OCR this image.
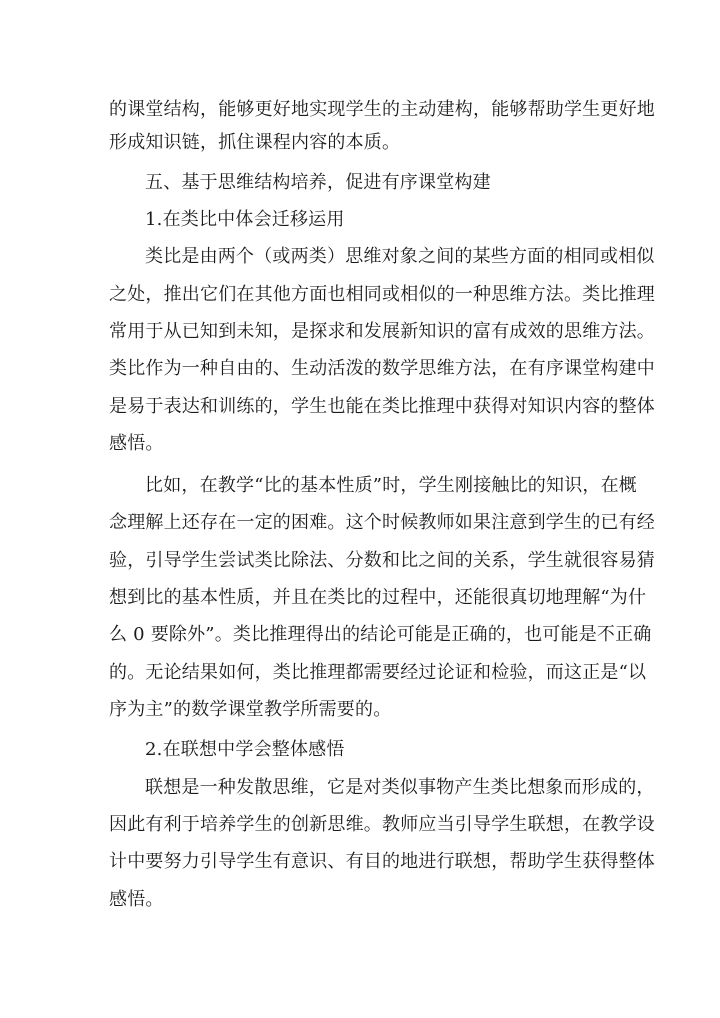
的课堂结构，能够更好地实现学生的主动建构，能够帮助学生更好地
形成知识链，抓住课程内容的本质。
五、基于思维结构培养，促进有序课堂构建
1.在类比中体会迁移运用
类比是由两个（或两类）思维对象之间的某些方面的相同或相似
之处，推出它们在其他方面也相同或相似的一种思维方法。类比推理
常用于从已知到未知，是探求和发展新知识的富有成效的思维方法。
类比作为一种自由的、生动活泼的数学思维方法，在有序课堂构建中
是易于表达和训练的，学生也能在类比推理中获得对知识内容的整体
感悟。
比如，在教学“比的基本性质”时，学生刚接触比的知识，在概
念理解上还存在一定的困难。这个时候教师如果注意到学生的已有经
验，引导学生尝试类比除法、分数和比之间的关系，学生就很容易猜
想到比的基本性质，并且在类比的过程中，还能很真切地理解“为什
么 0 要除外”。类比推理得出的结论可能是正确的，也可能是不正确
的。无论结果如何，类比推理都需要经过论证和检验，而这正是“以
序为主”的数学课堂教学所需要的。
2.在联想中学会整体感悟
联想是一种发散思维，它是对类似事物产生类比想象而形成的，
因此有利于培养学生的创新思维。教师应当引导学生联想，在教学设
计中要努力引导学生有意识、有目的地进行联想，帮助学生获得整体
感悟。
